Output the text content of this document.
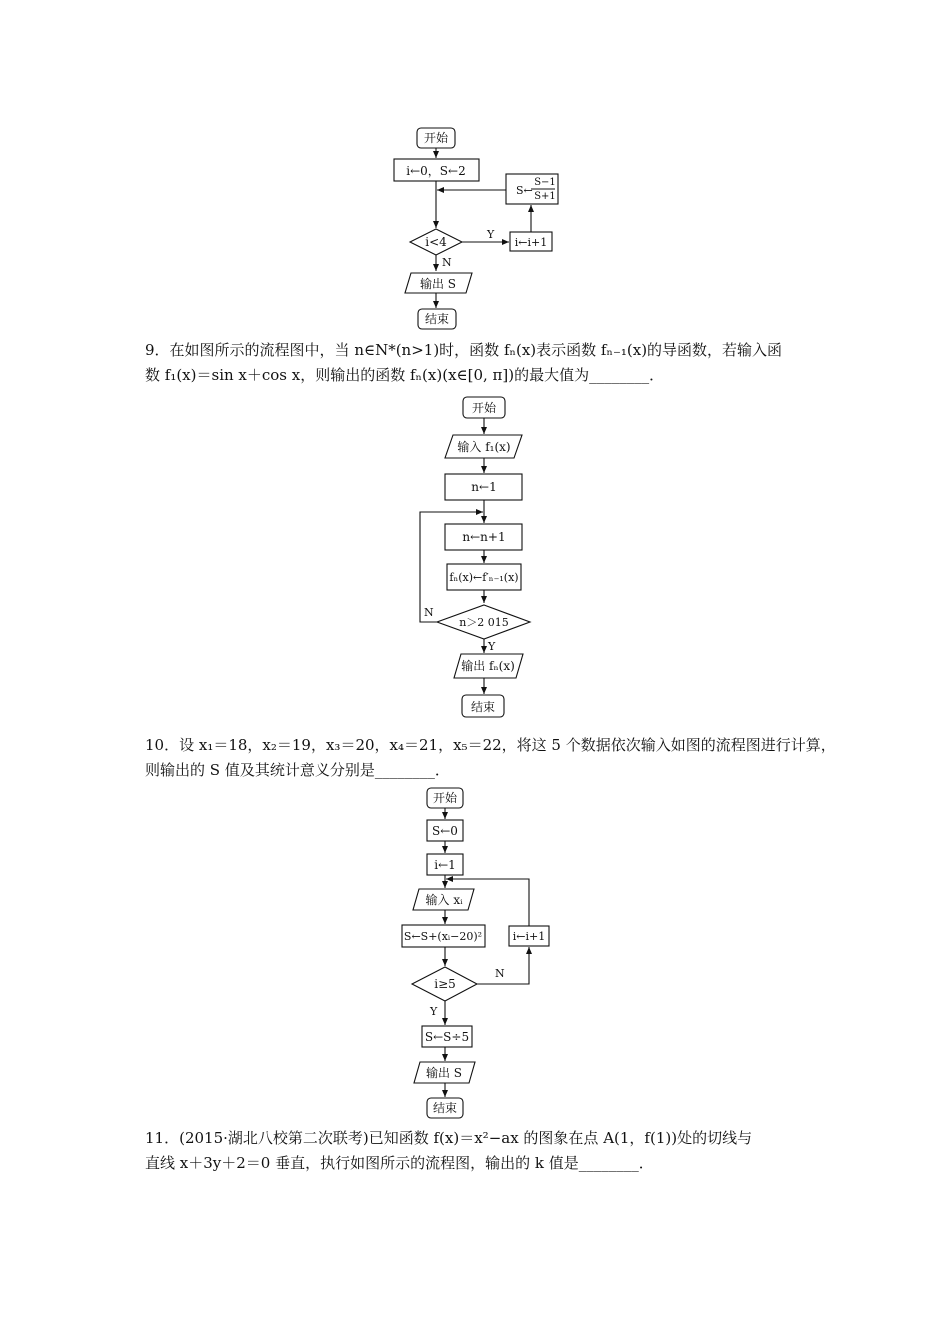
开始
i←0，S←2
S←
S−1
S+1
i<4
Y
i←i+1
N
输出 S
结束
9．在如图所示的流程图中，当 n∈N*(n>1)时，函数 fₙ(x)表示函数 fₙ₋₁(x)的导函数，若输入函
数 f₁(x)＝sin x＋cos x，则输出的函数 fₙ(x)(x∈[0, π])的最大值为________．
开始
输入 f₁(x)
n←1
n←n+1
fₙ(x)←f′ₙ₋₁(x)
n＞2 015
N
Y
输出 fₙ(x)
结束
10．设 x₁＝18，x₂＝19，x₃＝20，x₄＝21，x₅＝22，将这 5 个数据依次输入如图的流程图进行计算，
则输出的 S 值及其统计意义分别是________．
开始
S←0
i←1
输入 xᵢ
S←S+(xᵢ−20)²	i←i+1
i≥5
N
Y
S←S÷5
输出 S
结束
11．(2015·湖北八校第二次联考)已知函数 f(x)＝x²−ax 的图象在点 A(1，f(1))处的切线与
直线 x＋3y＋2＝0 垂直，执行如图所示的流程图，输出的 k 值是________．
